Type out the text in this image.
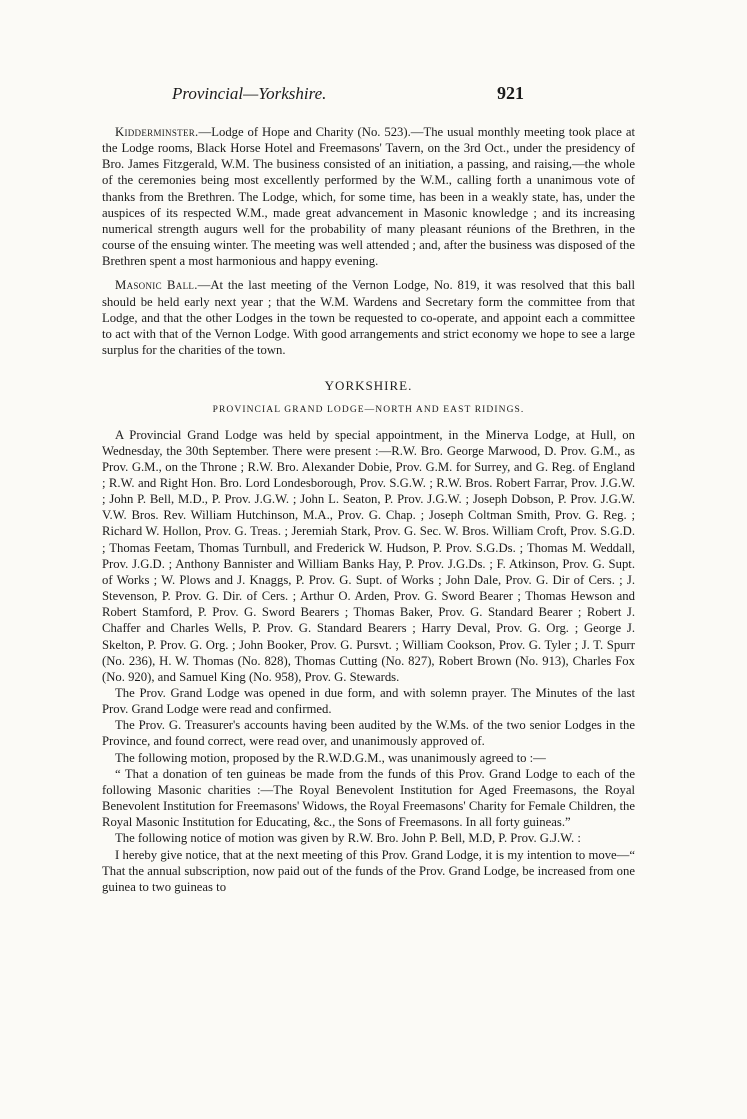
Provincial—Yorkshire.	921

Kidderminster.—Lodge of Hope and Charity (No. 523).—The usual monthly meeting took place at the Lodge rooms, Black Horse Hotel and Freemasons' Tavern, on the 3rd Oct., under the presidency of Bro. James Fitzgerald, W.M. The business consisted of an initiation, a passing, and raising,—the whole of the ceremonies being most excellently performed by the W.M., calling forth a unanimous vote of thanks from the Brethren. The Lodge, which, for some time, has been in a weakly state, has, under the auspices of its respected W.M., made great advancement in Masonic knowledge ; and its increasing numerical strength augurs well for the probability of many pleasant réunions of the Brethren, in the course of the ensuing winter. The meeting was well attended ; and, after the business was disposed of the Brethren spent a most harmonious and happy evening.

Masonic Ball.—At the last meeting of the Vernon Lodge, No. 819, it was resolved that this ball should be held early next year ; that the W.M. Wardens and Secretary form the committee from that Lodge, and that the other Lodges in the town be requested to co-operate, and appoint each a committee to act with that of the Vernon Lodge. With good arrangements and strict economy we hope to see a large surplus for the charities of the town.

YORKSHIRE.
PROVINCIAL GRAND LODGE—NORTH AND EAST RIDINGS.

A Provincial Grand Lodge was held by special appointment, in the Minerva Lodge, at Hull, on Wednesday, the 30th September. There were present :—R.W. Bro. George Marwood, D. Prov. G.M., as Prov. G.M., on the Throne ; R.W. Bro. Alexander Dobie, Prov. G.M. for Surrey, and G. Reg. of England ; R.W. and Right Hon. Bro. Lord Londesborough, Prov. S.G.W. ; R.W. Bros. Robert Farrar, Prov. J.G.W. ; John P. Bell, M.D., P. Prov. J.G.W. ; John L. Seaton, P. Prov. J.G.W. ; Joseph Dobson, P. Prov. J.G.W. V.W. Bros. Rev. William Hutchinson, M.A., Prov. G. Chap. ; Joseph Coltman Smith, Prov. G. Reg. ; Richard W. Hollon, Prov. G. Treas. ; Jeremiah Stark, Prov. G. Sec. W. Bros. William Croft, Prov. S.G.D. ; Thomas Feetam, Thomas Turnbull, and Frederick W. Hudson, P. Prov. S.G.Ds. ; Thomas M. Weddall, Prov. J.G.D. ; Anthony Bannister and William Banks Hay, P. Prov. J.G.Ds. ; F. Atkinson, Prov. G. Supt. of Works ; W. Plows and J. Knaggs, P. Prov. G. Supt. of Works ; John Dale, Prov. G. Dir of Cers. ; J. Stevenson, P. Prov. G. Dir. of Cers. ; Arthur O. Arden, Prov. G. Sword Bearer ; Thomas Hewson and Robert Stamford, P. Prov. G. Sword Bearers ; Thomas Baker, Prov. G. Standard Bearer ; Robert J. Chaffer and Charles Wells, P. Prov. G. Standard Bearers ; Harry Deval, Prov. G. Org. ; George J. Skelton, P. Prov. G. Org. ; John Booker, Prov. G. Pursvt. ; William Cookson, Prov. G. Tyler ; J. T. Spurr (No. 236), H. W. Thomas (No. 828), Thomas Cutting (No. 827), Robert Brown (No. 913), Charles Fox (No. 920), and Samuel King (No. 958), Prov. G. Stewards.

The Prov. Grand Lodge was opened in due form, and with solemn prayer. The Minutes of the last Prov. Grand Lodge were read and confirmed.

The Prov. G. Treasurer's accounts having been audited by the W.Ms. of the two senior Lodges in the Province, and found correct, were read over, and unanimously approved of.

The following motion, proposed by the R.W.D.G.M., was unanimously agreed to :—

“ That a donation of ten guineas be made from the funds of this Prov. Grand Lodge to each of the following Masonic charities :—The Royal Benevolent Institution for Aged Freemasons, the Royal Benevolent Institution for Freemasons' Widows, the Royal Freemasons' Charity for Female Children, the Royal Masonic Institution for Educating, &c., the Sons of Freemasons. In all forty guineas.”

The following notice of motion was given by R.W. Bro. John P. Bell, M.D, P. Prov. G.J.W. :

I hereby give notice, that at the next meeting of this Prov. Grand Lodge, it is my intention to move—“ That the annual subscription, now paid out of the funds of the Prov. Grand Lodge, be increased from one guinea to two guineas to
